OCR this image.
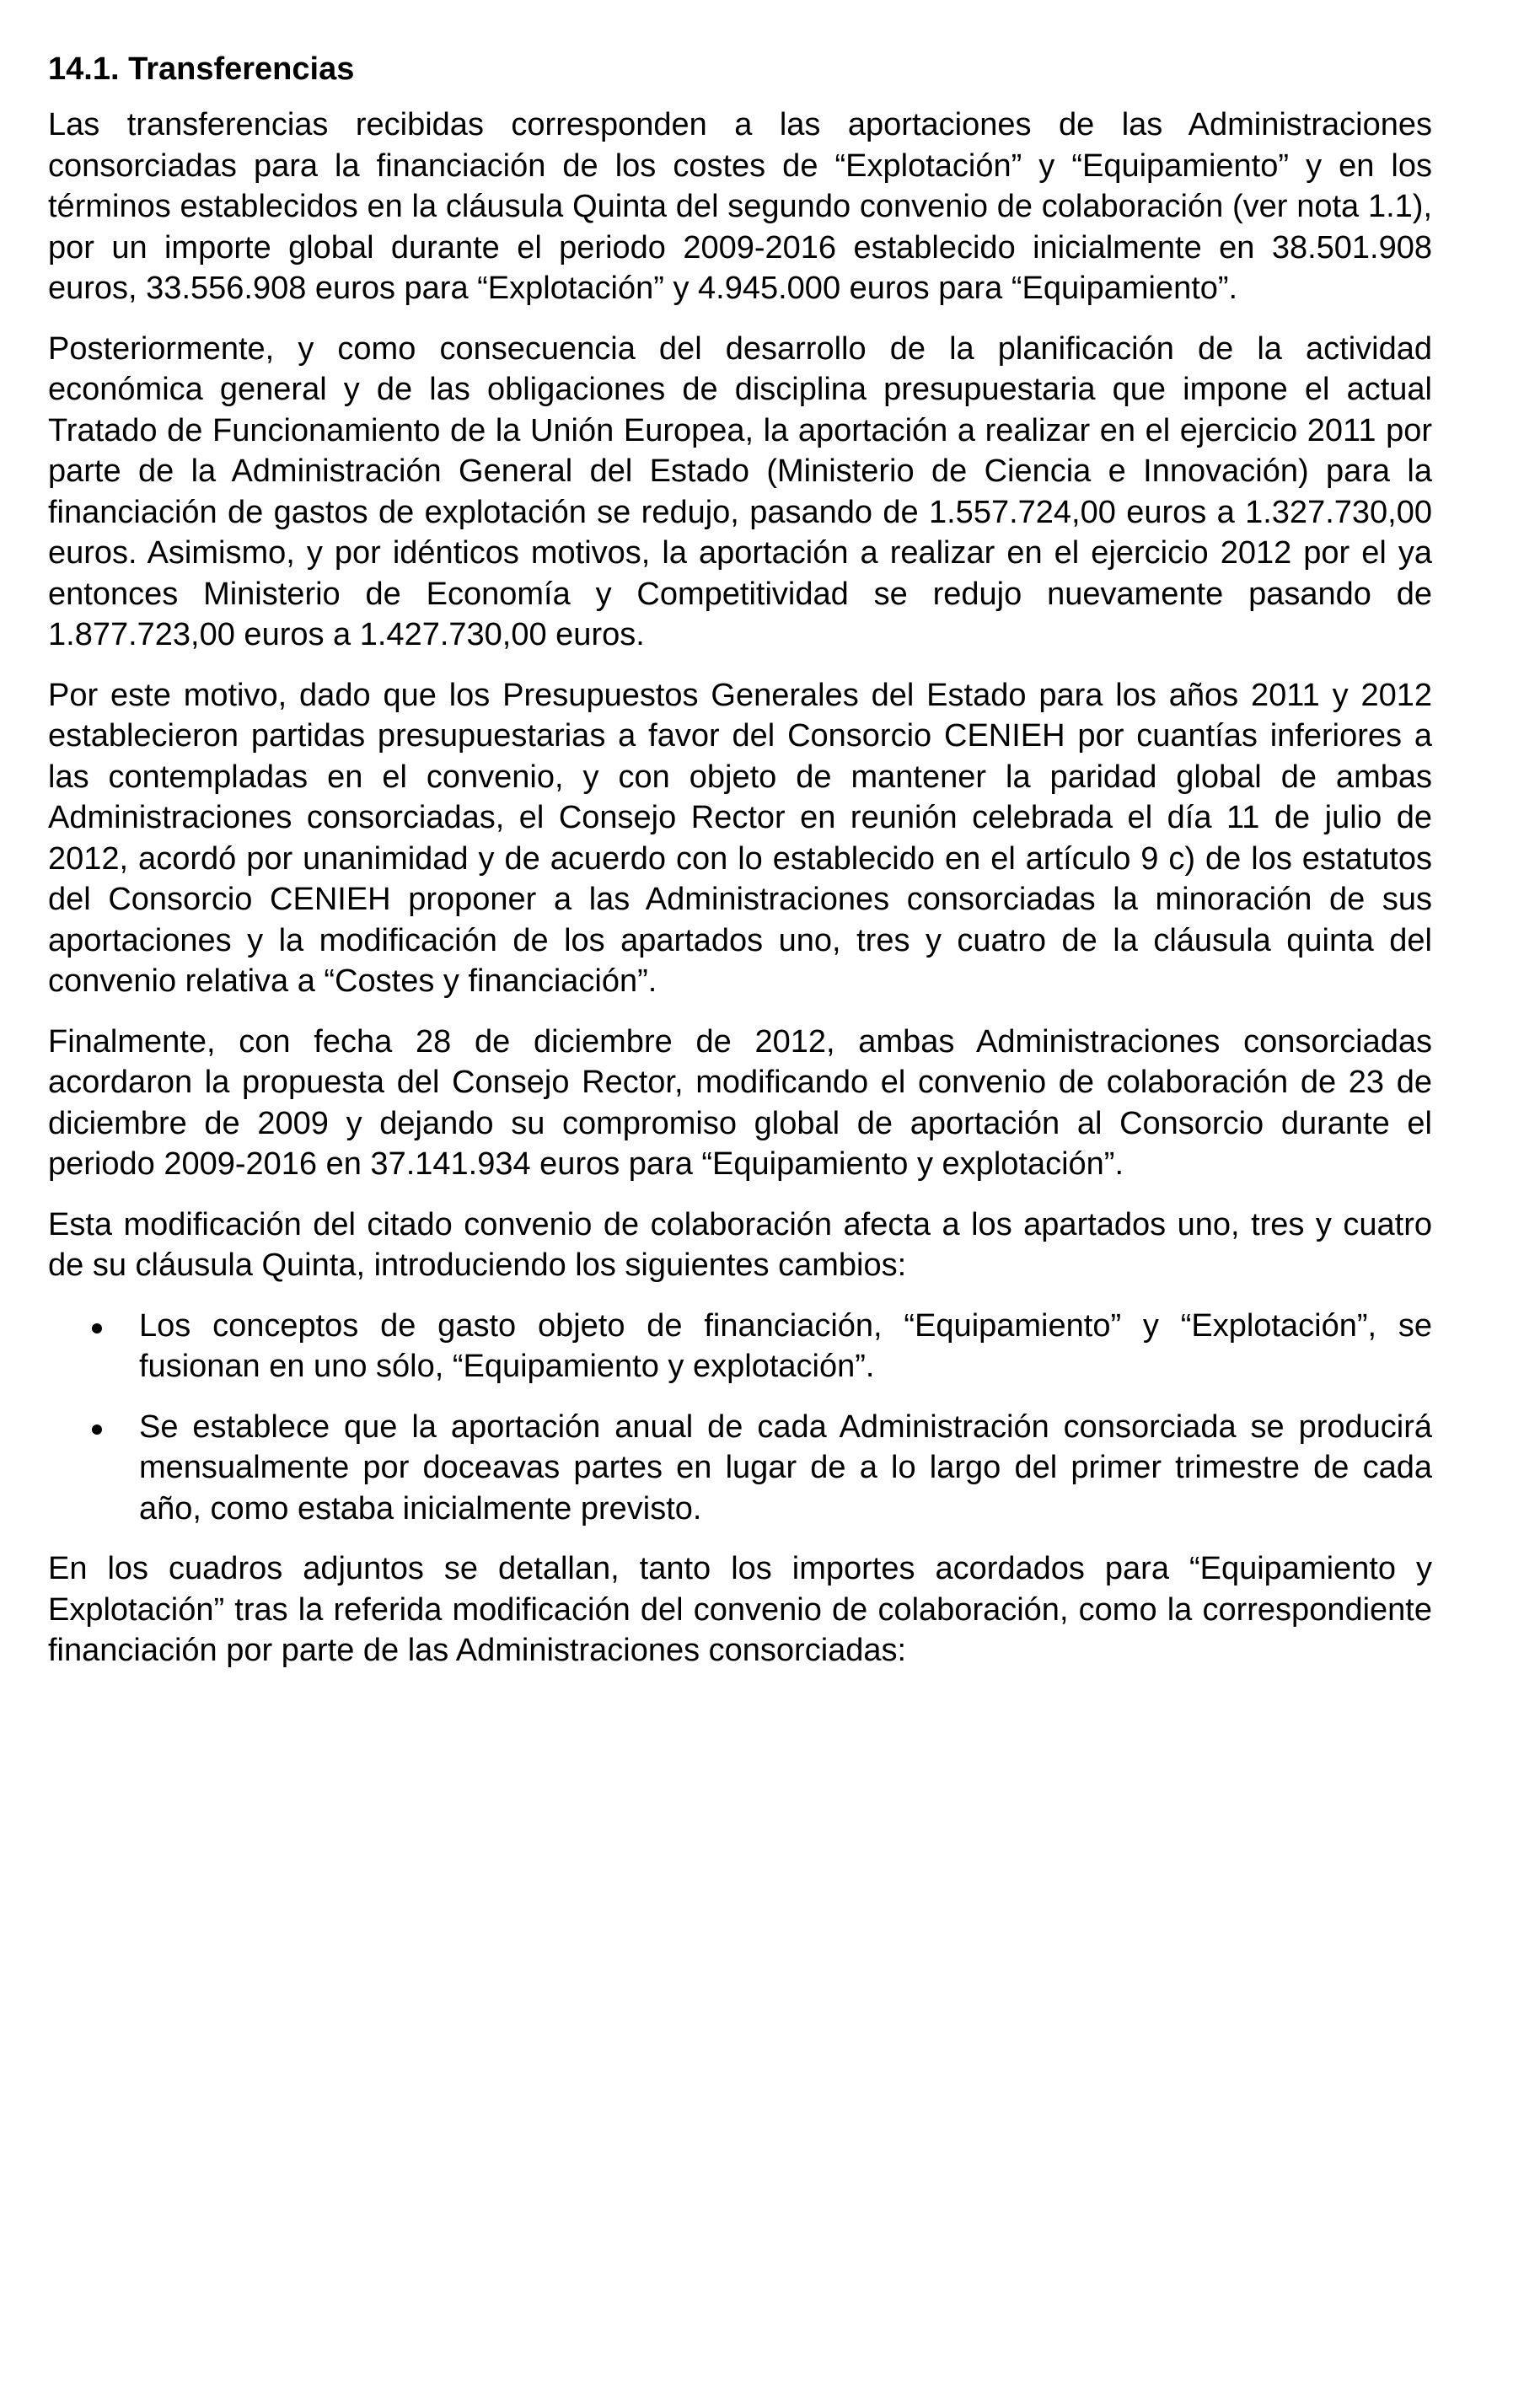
14.1. Transferencias

Las transferencias recibidas corresponden a las aportaciones de las Administraciones consorciadas para la financiación de los costes de “Explotación” y “Equipamiento” y en los términos establecidos en la cláusula Quinta del segundo convenio de colaboración (ver nota 1.1), por un importe global durante el periodo 2009-2016 establecido inicialmente en 38.501.908 euros, 33.556.908 euros para “Explotación” y 4.945.000 euros para “Equipamiento”.

Posteriormente, y como consecuencia del desarrollo de la planificación de la actividad económica general y de las obligaciones de disciplina presupuestaria que impone el actual Tratado de Funcionamiento de la Unión Europea, la aportación a realizar en el ejercicio 2011 por parte de la Administración General del Estado (Ministerio de Ciencia e Innovación) para la financiación de gastos de explotación se redujo, pasando de 1.557.724,00 euros a 1.327.730,00 euros. Asimismo, y por idénticos motivos, la aportación a realizar en el ejercicio 2012 por el ya entonces Ministerio de Economía y Competitividad se redujo nuevamente pasando de 1.877.723,00 euros a 1.427.730,00 euros.

Por este motivo, dado que los Presupuestos Generales del Estado para los años 2011 y 2012 establecieron partidas presupuestarias a favor del Consorcio CENIEH por cuantías inferiores a las contempladas en el convenio, y con objeto de mantener la paridad global de ambas Administraciones consorciadas, el Consejo Rector en reunión celebrada el día 11 de julio de 2012, acordó por unanimidad y de acuerdo con lo establecido en el artículo 9 c) de los estatutos del Consorcio CENIEH proponer a las Administraciones consorciadas la minoración de sus aportaciones y la modificación de los apartados uno, tres y cuatro de la cláusula quinta del convenio relativa a “Costes y financiación”.

Finalmente, con fecha 28 de diciembre de 2012, ambas Administraciones consorciadas acordaron la propuesta del Consejo Rector, modificando el convenio de colaboración de 23 de diciembre de 2009 y dejando su compromiso global de aportación al Consorcio durante el periodo 2009-2016 en 37.141.934 euros para “Equipamiento y explotación”.

Esta modificación del citado convenio de colaboración afecta a los apartados uno, tres y cuatro de su cláusula Quinta, introduciendo los siguientes cambios:

Los conceptos de gasto objeto de financiación, “Equipamiento” y “Explotación”, se fusionan en uno sólo, “Equipamiento y explotación”.
Se establece que la aportación anual de cada Administración consorciada se producirá mensualmente por doceavas partes en lugar de a lo largo del primer trimestre de cada año, como estaba inicialmente previsto.

En los cuadros adjuntos se detallan, tanto los importes acordados para “Equipamiento y Explotación” tras la referida modificación del convenio de colaboración, como la correspondiente financiación por parte de las Administraciones consorciadas:
